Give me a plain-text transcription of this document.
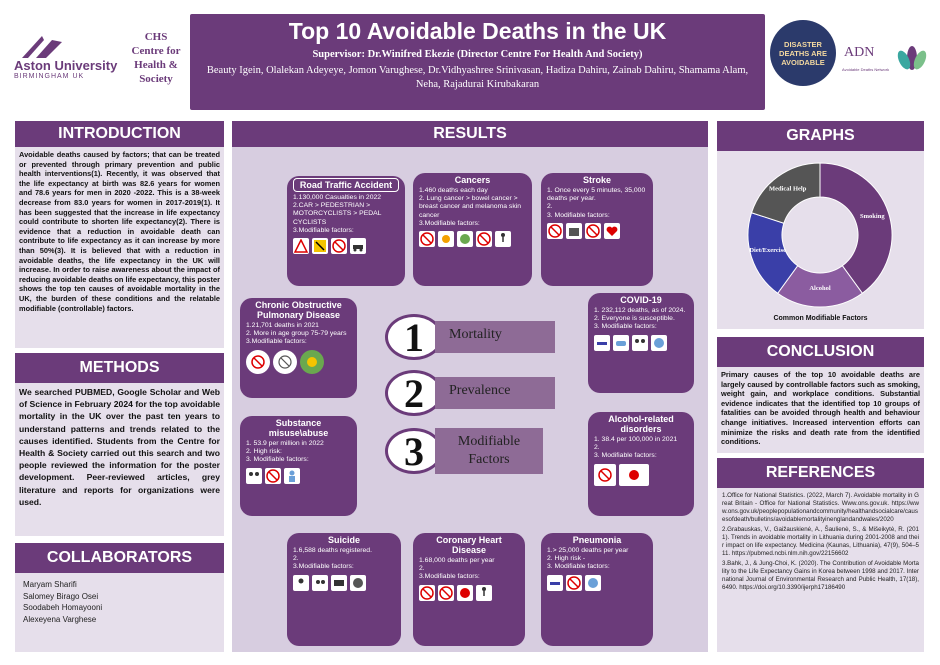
Aston University
BIRMINGHAM UK
CHS Centre for Health & Society
Top 10 Avoidable Deaths in the UK
Supervisor: Dr.Winifred Ekezie (Director Centre For Health And Society)
Beauty Igein, Olalekan Adeyeye, Jomon Varughese, Dr.Vidhyashree Srinivasan, Hadiza Dahiru, Zainab Dahiru, Shamama Alam, Neha, Rajadurai Kirubakaran
DISASTER DEATHS ARE AVOIDABLE
ADN
Avoidable Deaths Network
INTRODUCTION
Avoidable deaths caused by factors; that can be treated or prevented through primary prevention and public health interventions(1). Recently, it was observed that the life expectancy at birth was 82.6 years for women and 78.6 years for men in 2020 -2022. This is a 38-week decrease from 83.0 years for women in 2017-2019(1). It has been suggested that the increase in life expectancy could contribute to shorten life expectancy(2). There is evidence that a reduction in avoidable death can contribute to life expectancy as it can increase by more than 50%(3). It is believed that with a reduction in avoidable deaths, the life expectancy in the UK will increase. In order to raise awareness about the impact of reducing avoidable deaths on life expectancy, this poster shows the top ten causes of avoidable mortality in the UK, the burden of these conditions and the relatable modifiable (controllable) factors.
METHODS
We searched PUBMED, Google Scholar and Web of Science in February 2024 for the top avoidable mortality in the UK over the past ten years to understand patterns and trends related to the causes identified. Students from the Centre for Health & Society carried out this search and two people reviewed the information for the poster development. Peer-reviewed articles, grey literature and reports for organizations were used.
COLLABORATORS
Maryam Sharifi
Salomey Birago Osei
Soodabeh Homayooni
Alexeyena Varghese
RESULTS
1	Mortality
2	Prevalence
3	Modifiable Factors
Road Traffic Accident
1.130,000 Casualties in 2022
2.CAR > PEDESTRIAN > MOTORCYCLISTS > PEDAL CYCLISTS
3.Modifiable factors:
Cancers
1.460 deaths each day
2. Lung cancer > bowel cancer > breast cancer and melanoma skin cancer
3.Modifiable factors:
Stroke
1. Once every 5 minutes, 35,000 deaths per year.
2.
3. Modifiable factors:
Chronic Obstructive Pulmonary Disease
1.21,701 deaths in 2021
2. More in age group 75-79 years
3.Modifiable factors:
COVID-19
1. 232,112 deaths, as of 2024.
2. Everyone is susceptible.
3. Modifiable factors:
Substance misuse\abuse
1. 53.9 per million in 2022
2. High risk:
3. Modifiable factors:
Alcohol-related disorders
1. 38.4 per 100,000 in 2021
2.
3. Modifiable factors:
Suicide
1.6,588 deaths registered.
2.
3.Modifiable factors:
Coronary Heart Disease
1.68,000 deaths per year
2.
3.Modifiable factors:
Pneumonia
1.> 25,000 deaths per year
2. High risk -
3. Modifiable factors:
GRAPHS
Smoking
Alcohol
Diet/Exercise
Medical Help
Common Modifiable Factors
CONCLUSION
Primary causes of the top 10 avoidable deaths are largely caused by controllable factors such as smoking, weight gain, and workplace conditions. Substantial evidence indicates that the identified top 10 groups of fatalities can be avoided through health and behaviour change initiatives. Increased intervention efforts can minimize the risks and death rate from the identified conditions.
REFERENCES
1.Office for National Statistics. (2022, March 7). Avoidable mortality in Great Britain - Office for National Statistics. Www.ons.gov.uk. https://www.ons.gov.uk/peoplepopulationandcommunity/healthandsocialcare/causesofdeath/bulletins/avoidablemortalityinenglandandwales/2020
2.Grabauskas, V., Gaižauskienė, A., Šaulienė, S., & Mišeikytė, R. (2011). Trends in avoidable mortality in Lithuania during 2001-2008 and their impact on life expectancy. Medicina (Kaunas, Lithuania), 47(9), 504–511. https://pubmed.ncbi.nlm.nih.gov/22156602
3.Bahk, J., & Jung-Choi, K. (2020). The Contribution of Avoidable Mortality to the Life Expectancy Gains in Korea between 1998 and 2017. International Journal of Environmental Research and Public Health, 17(18), 6490. https://doi.org/10.3390/ijerph17186490
